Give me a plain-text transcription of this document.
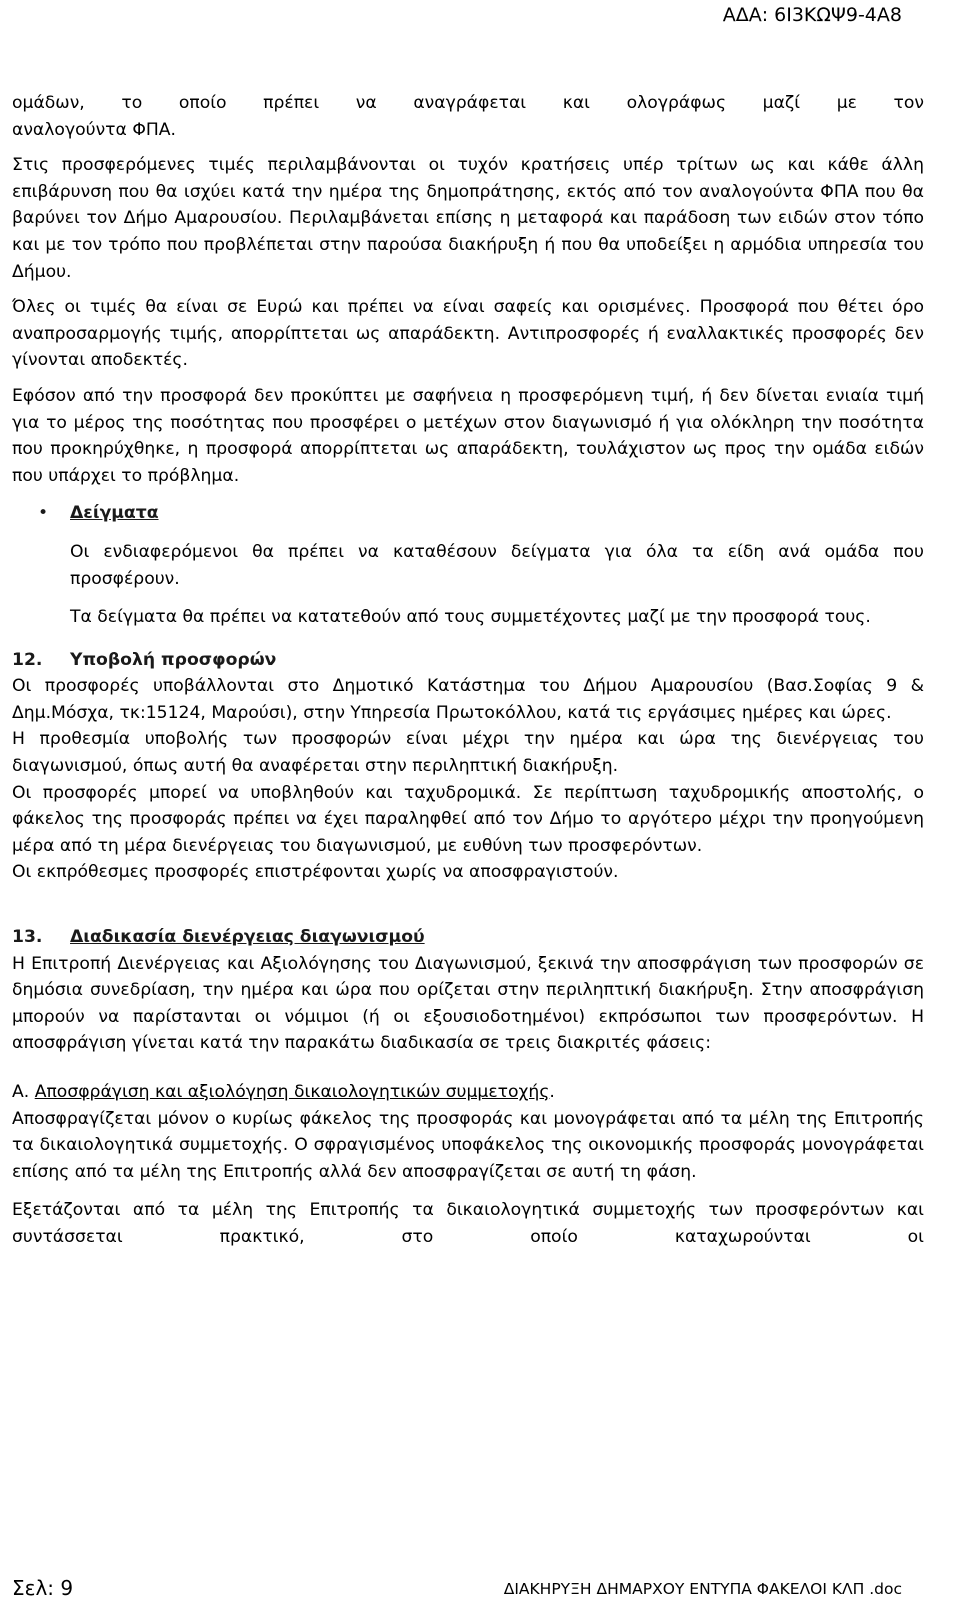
ΑΔΑ: 6Ι3ΚΩΨ9-4Α8

ομάδων, το οποίο πρέπει να αναγράφεται και ολογράφως μαζί με τον

αναλογούντα ΦΠΑ.

Στις προσφερόμενες τιμές περιλαμβάνονται οι τυχόν κρατήσεις υπέρ τρίτων ως και κάθε άλλη επιβάρυνση που θα ισχύει κατά την ημέρα της δημοπράτησης, εκτός από τον αναλογούντα ΦΠΑ που θα βαρύνει τον Δήμο Αμαρουσίου. Περιλαμβάνεται επίσης η μεταφορά και παράδοση των ειδών στον τόπο και με τον τρόπο που προβλέπεται στην παρούσα διακήρυξη ή που θα υποδείξει η αρμόδια υπηρεσία του Δήμου.

Όλες οι τιμές θα είναι σε Ευρώ και πρέπει να είναι σαφείς και ορισμένες. Προσφορά που θέτει όρο αναπροσαρμογής τιμής, απορρίπτεται ως απαράδεκτη. Αντιπροσφορές ή εναλλακτικές προσφορές δεν γίνονται αποδεκτές.

Εφόσον από την προσφορά δεν προκύπτει με σαφήνεια η προσφερόμενη τιμή, ή δεν δίνεται ενιαία τιμή για το μέρος της ποσότητας που προσφέρει ο μετέχων στον διαγωνισμό ή για ολόκληρη την ποσότητα που προκηρύχθηκε, η προσφορά απορρίπτεται ως απαράδεκτη, τουλάχιστον ως προς την ομάδα ειδών που υπάρχει το πρόβλημα.

• Δείγματα

Οι ενδιαφερόμενοι θα πρέπει να καταθέσουν δείγματα για όλα τα είδη ανά ομάδα που προσφέρουν.

Τα δείγματα θα πρέπει να κατατεθούν από τους συμμετέχοντες μαζί με την προσφορά τους.

12. Υποβολή προσφορών

Οι προσφορές υποβάλλονται στο Δημοτικό Κατάστημα του Δήμου Αμαρουσίου (Βασ.Σοφίας 9 & Δημ.Μόσχα, τκ:15124, Μαρούσι), στην Υπηρεσία Πρωτοκόλλου, κατά τις εργάσιμες ημέρες και ώρες.

Η προθεσμία υποβολής των προσφορών είναι μέχρι την ημέρα και ώρα της διενέργειας του διαγωνισμού, όπως αυτή θα αναφέρεται στην περιληπτική διακήρυξη.

Οι προσφορές μπορεί να υποβληθούν και ταχυδρομικά. Σε περίπτωση ταχυδρομικής αποστολής, ο φάκελος της προσφοράς πρέπει να έχει παραληφθεί από τον Δήμο το αργότερο μέχρι την προηγούμενη μέρα από τη μέρα διενέργειας του διαγωνισμού, με ευθύνη των προσφερόντων.

Οι εκπρόθεσμες προσφορές επιστρέφονται χωρίς να αποσφραγιστούν.

13. Διαδικασία διενέργειας διαγωνισμού

Η Επιτροπή Διενέργειας και Αξιολόγησης του Διαγωνισμού, ξεκινά την αποσφράγιση των προσφορών σε δημόσια συνεδρίαση, την ημέρα και ώρα που ορίζεται στην περιληπτική διακήρυξη. Στην αποσφράγιση μπορούν να παρίστανται οι νόμιμοι (ή οι εξουσιοδοτημένοι) εκπρόσωποι των προσφερόντων. Η αποσφράγιση γίνεται κατά την παρακάτω διαδικασία σε τρεις διακριτές φάσεις:

Α. Αποσφράγιση και αξιολόγηση δικαιολογητικών συμμετοχής.

Αποσφραγίζεται μόνον ο κυρίως φάκελος της προσφοράς και μονογράφεται από τα μέλη της Επιτροπής τα δικαιολογητικά συμμετοχής. Ο σφραγισμένος υποφάκελος της οικονομικής προσφοράς μονογράφεται επίσης από τα μέλη της Επιτροπής αλλά δεν αποσφραγίζεται σε αυτή τη φάση.

Εξετάζονται από τα μέλη της Επιτροπής τα δικαιολογητικά συμμετοχής των προσφερόντων και συντάσσεται πρακτικό, στο οποίο καταχωρούνται οι

Σελ: 9	ΔΙΑΚΗΡΥΞΗ ΔΗΜΑΡΧΟΥ ΕΝΤΥΠΑ ΦΑΚΕΛΟΙ ΚΛΠ .doc
